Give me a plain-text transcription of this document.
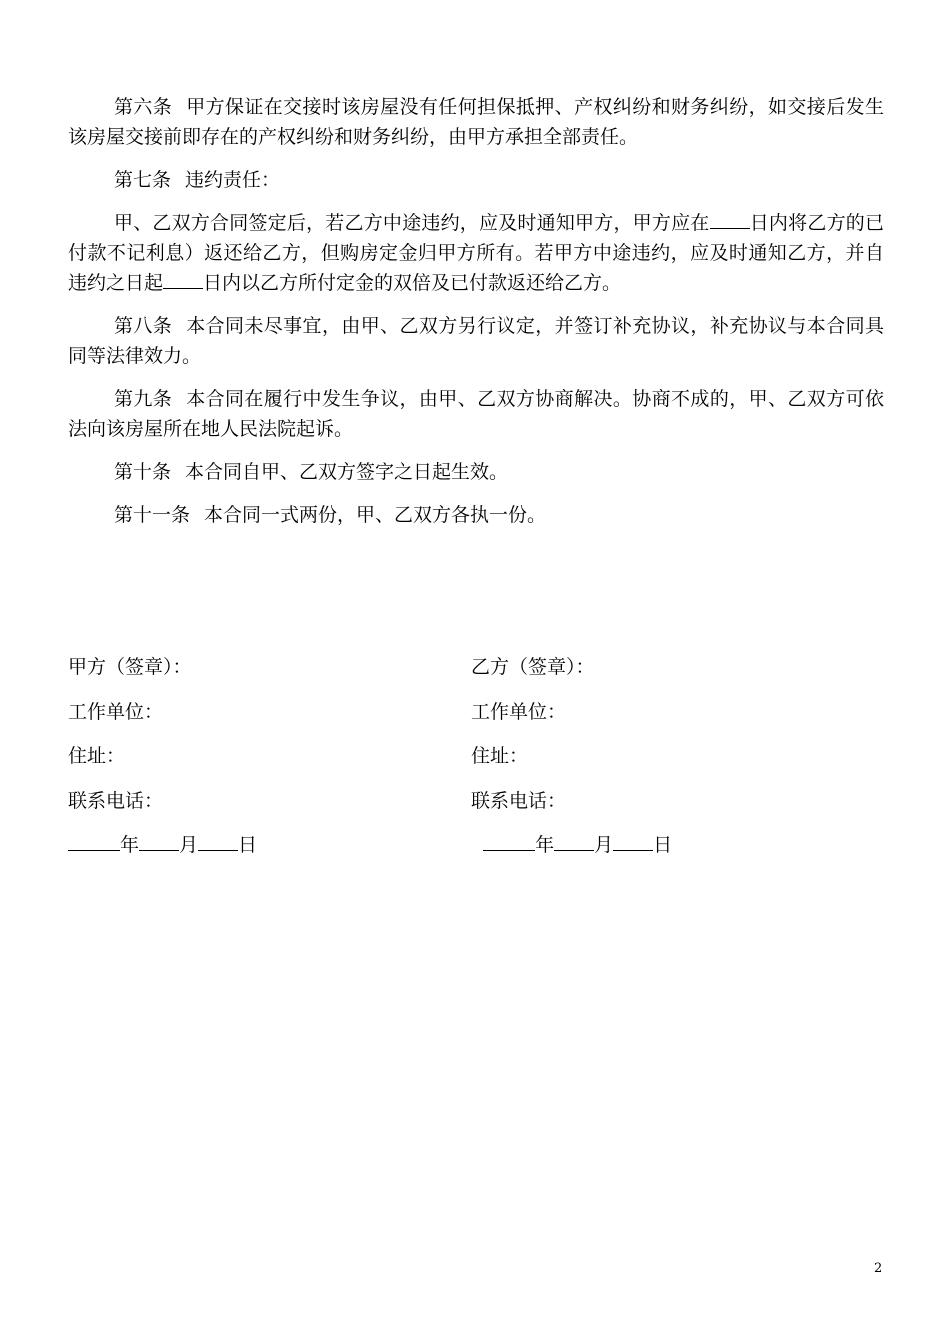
第六条 甲方保证在交接时该房屋没有任何担保抵押、产权纠纷和财务纠纷，如交接后发生该房屋交接前即存在的产权纠纷和财务纠纷，由甲方承担全部责任。

第七条 违约责任：

甲、乙双方合同签定后，若乙方中途违约，应及时通知甲方，甲方应在 日内将乙方的已付款不记利息）返还给乙方，但购房定金归甲方所有。若甲方中途违约，应及时通知乙方，并自违约之日起 日内以乙方所付定金的双倍及已付款返还给乙方。

第八条 本合同未尽事宜，由甲、乙双方另行议定，并签订补充协议，补充协议与本合同具同等法律效力。

第九条 本合同在履行中发生争议，由甲、乙双方协商解决。协商不成的，甲、乙双方可依法向该房屋所在地人民法院起诉。

第十条 本合同自甲、乙双方签字之日起生效。

第十一条 本合同一式两份，甲、乙双方各执一份。

甲方（签章）：
工作单位：
住址：
联系电话：
年 月 日
乙方（签章）：
工作单位：
住址：
联系电话：
年 月 日
2
